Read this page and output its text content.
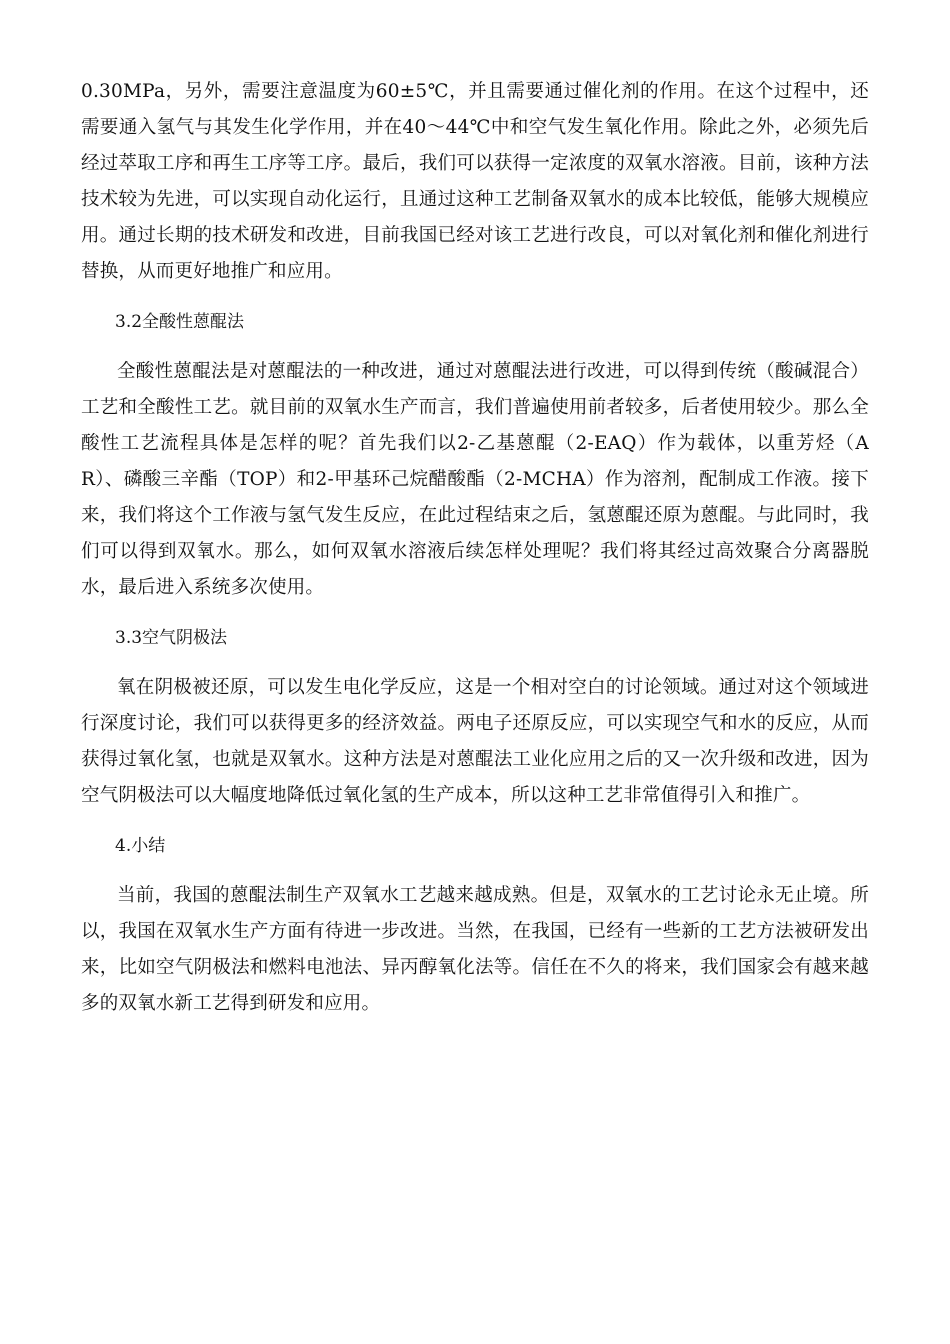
0.30MPa，另外，需要注意温度为60±5℃，并且需要通过催化剂的作用。在这个过程中，还需要通入氢气与其发生化学作用，并在40～44℃中和空气发生氧化作用。除此之外，必须先后经过萃取工序和再生工序等工序。最后，我们可以获得一定浓度的双氧水溶液。目前，该种方法技术较为先进，可以实现自动化运行，且通过这种工艺制备双氧水的成本比较低，能够大规模应用。通过长期的技术研发和改进，目前我国已经对该工艺进行改良，可以对氧化剂和催化剂进行替换，从而更好地推广和应用。

3.2全酸性蒽醌法

全酸性蒽醌法是对蒽醌法的一种改进，通过对蒽醌法进行改进，可以得到传统（酸碱混合）工艺和全酸性工艺。就目前的双氧水生产而言，我们普遍使用前者较多，后者使用较少。那么全酸性工艺流程具体是怎样的呢？首先我们以2-乙基蒽醌（2-EAQ）作为载体，以重芳烃（AR）、磷酸三辛酯（TOP）和2-甲基环己烷醋酸酯（2-MCHA）作为溶剂，配制成工作液。接下来，我们将这个工作液与氢气发生反应，在此过程结束之后，氢蒽醌还原为蒽醌。与此同时，我们可以得到双氧水。那么，如何双氧水溶液后续怎样处理呢？我们将其经过高效聚合分离器脱水，最后进入系统多次使用。

3.3空气阴极法

氧在阴极被还原，可以发生电化学反应，这是一个相对空白的讨论领域。通过对这个领域进行深度讨论，我们可以获得更多的经济效益。两电子还原反应，可以实现空气和水的反应，从而获得过氧化氢，也就是双氧水。这种方法是对蒽醌法工业化应用之后的又一次升级和改进，因为空气阴极法可以大幅度地降低过氧化氢的生产成本，所以这种工艺非常值得引入和推广。

4.小结

当前，我国的蒽醌法制生产双氧水工艺越来越成熟。但是，双氧水的工艺讨论永无止境。所以，我国在双氧水生产方面有待进一步改进。当然，在我国，已经有一些新的工艺方法被研发出来，比如空气阴极法和燃料电池法、异丙醇氧化法等。信任在不久的将来，我们国家会有越来越多的双氧水新工艺得到研发和应用。
